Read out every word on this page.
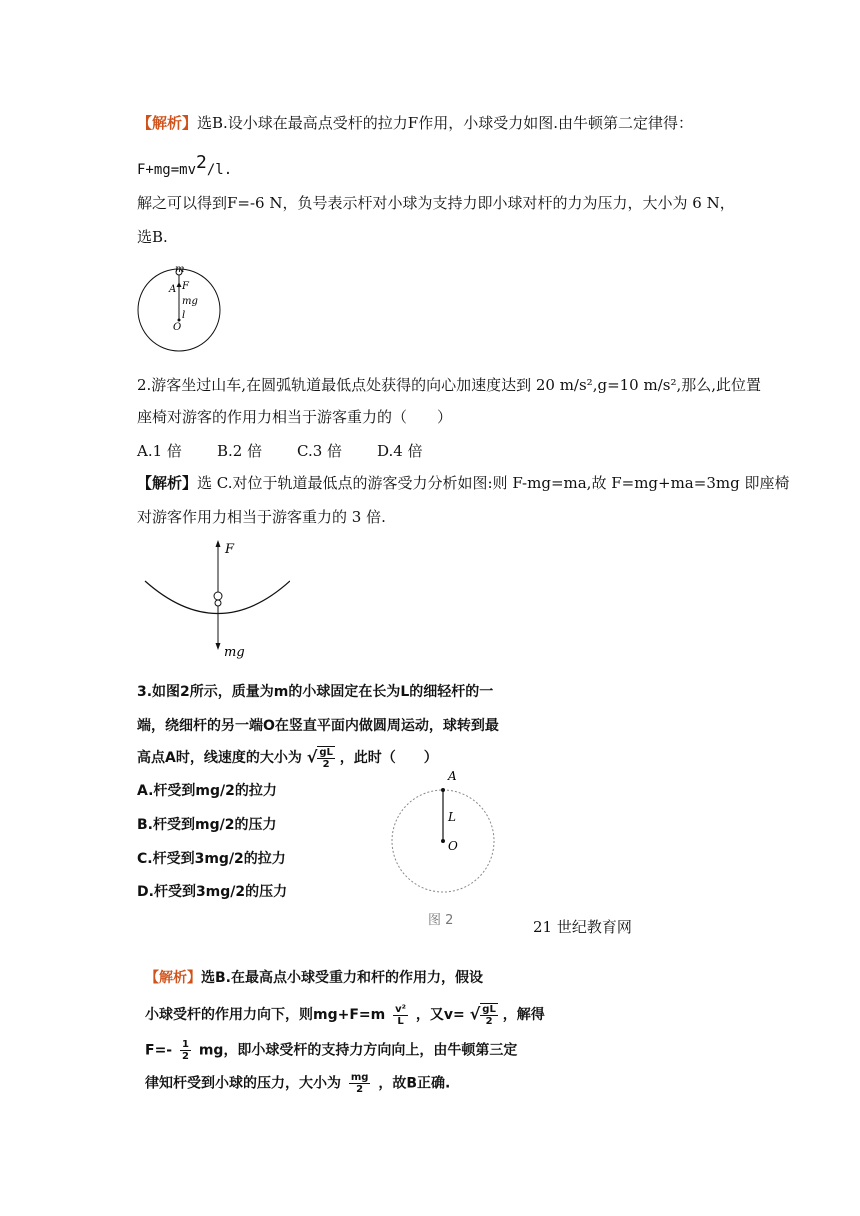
【解析】选B.设小球在最高点受杆的拉力F作用，小球受力如图.由牛顿第二定律得：
F+mg=mv2/l.
解之可以得到F=-6 N，负号表示杆对小球为支持力即小球对杆的力为压力，大小为 6 N，
选B.
m
A F
mg
l
O
2.游客坐过山车,在圆弧轨道最低点处获得的向心加速度达到 20 m/s²,g=10 m/s²,那么,此位置
座椅对游客的作用力相当于游客重力的（　　）
A.1 倍 B.2 倍 C.3 倍 D.4 倍
【解析】选 C.对位于轨道最低点的游客受力分析如图:则 F-mg=ma,故 F=mg+ma=3mg 即座椅
对游客作用力相当于游客重力的 3 倍.
F
mg
3.如图2所示，质量为m的小球固定在长为L的细轻杆的一
端，绕细杆的另一端O在竖直平面内做圆周运动，球转到最
高点A时，线速度的大小为 √ $\frac{gL}{2}$ ，此时（　　）
A.杆受到mg/2的拉力
B.杆受到mg/2的压力
C.杆受到3mg/2的拉力
D.杆受到3mg/2的压力
A
L
O
图 2	21 世纪教育网
【解析】选B.在最高点小球受重力和杆的作用力，假设
小球受杆的作用力向下，则$mg+F=m \frac{\text{v²}}{L}$ ，又v= √ $\frac{gL}{2}$ ，解得
$F=- \frac{1}{2}$ mg，即小球受杆的支持力方向向上，由牛顿第三定
律知杆受到小球的压力，大小为 $\frac{mg}{2}$ ，故B正确.
